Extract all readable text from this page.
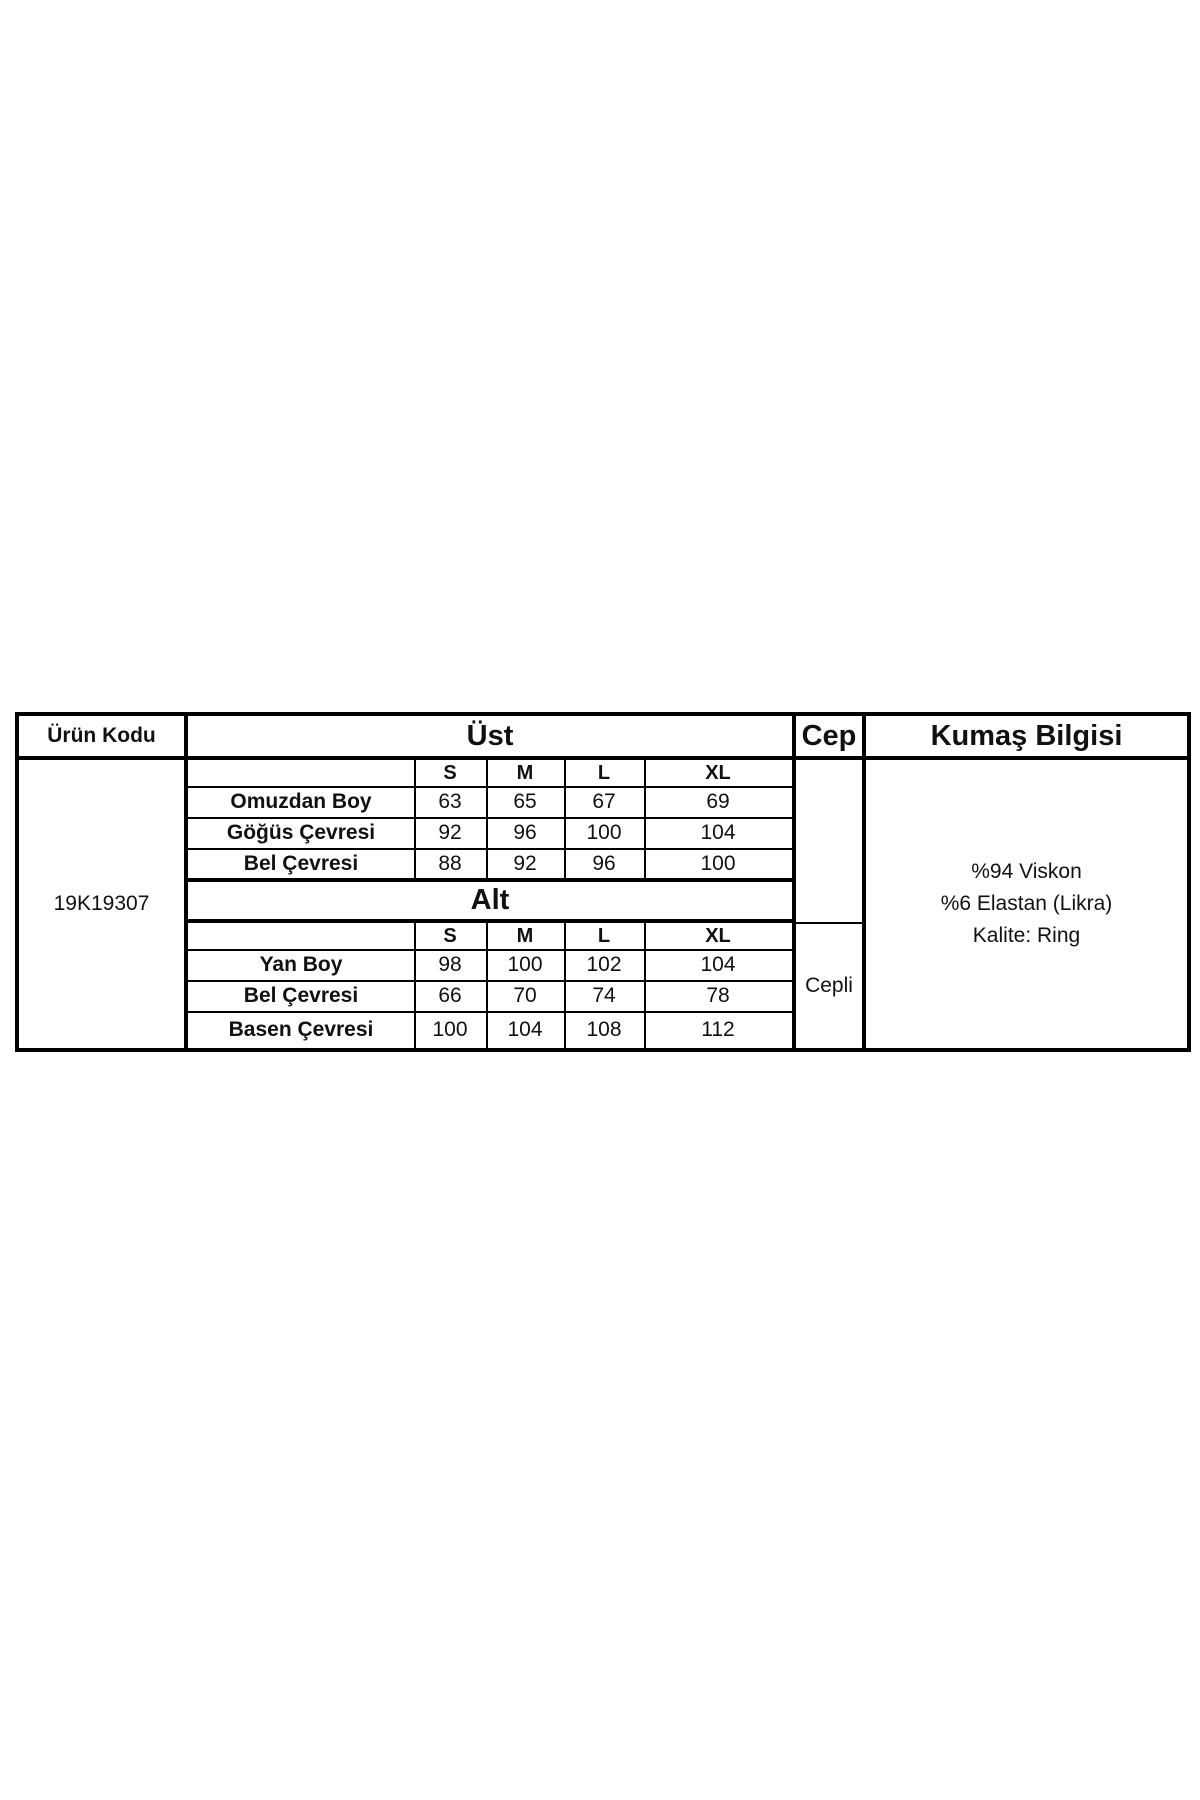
Ürün Kodu	Üst	Cep	Kumaş Bilgisi
19K19307
S	M	L	XL
Omuzdan Boy	63	65	67	69
Göğüs Çevresi	92	96	100	104
Bel Çevresi	88	92	96	100
Alt
S	M	L	XL
Yan Boy	98	100	102	104
Bel Çevresi	66	70	74	78
Basen Çevresi	100	104	108	112
Cepli
%94 Viskon
%6 Elastan (Likra)
Kalite: Ring
